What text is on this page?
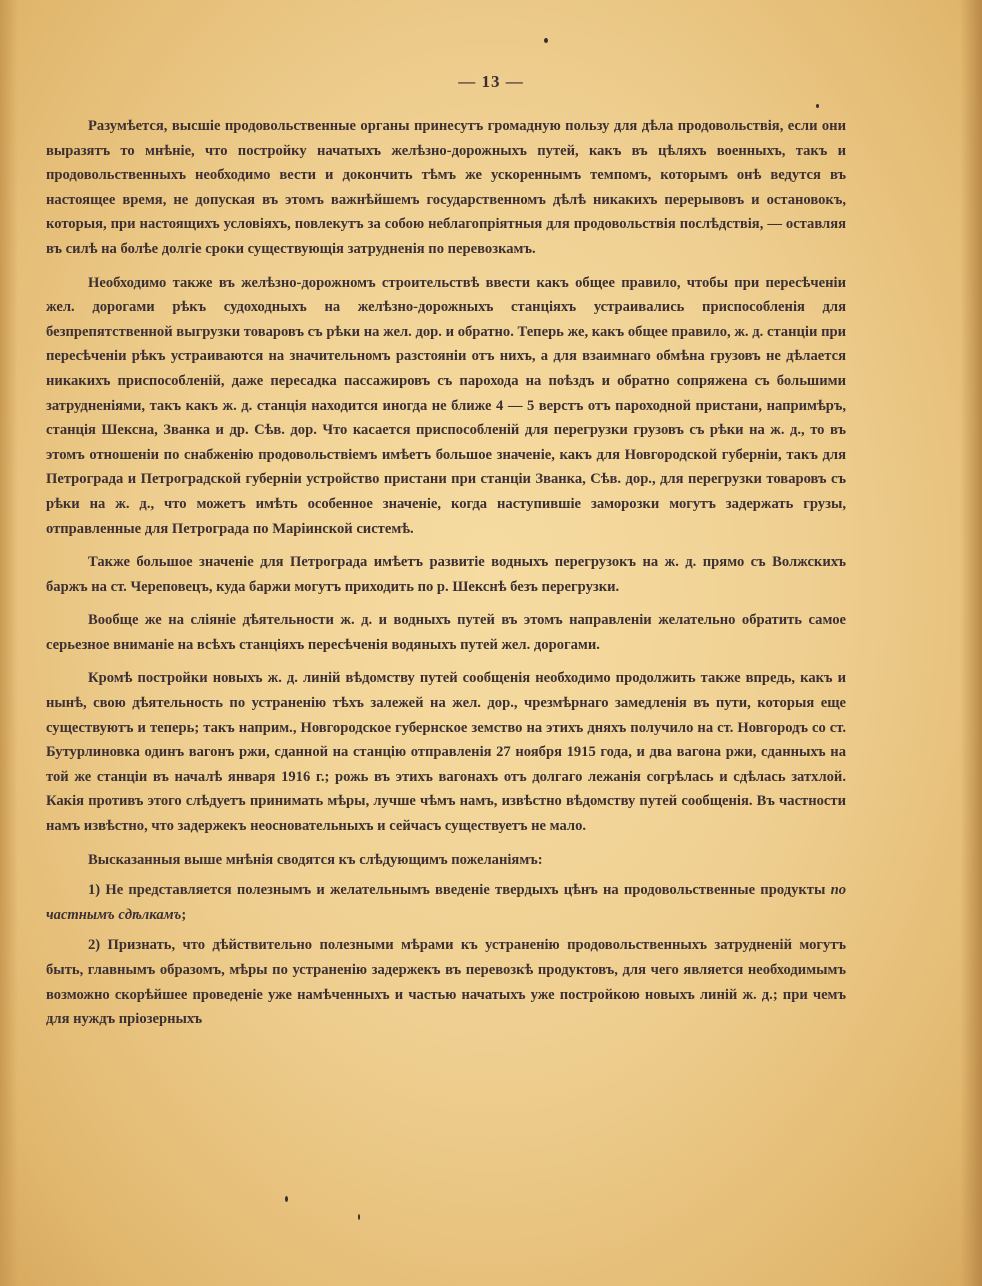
— 13 —

Разумѣется, высшіе продовольственные органы принесутъ громадную пользу для дѣла продовольствія, если они выразятъ то мнѣніе, что постройку начатыхъ желѣзно-дорожныхъ путей, какъ въ цѣляхъ военныхъ, такъ и продовольственныхъ необходимо вести и докончить тѣмъ же ускореннымъ темпомъ, которымъ онѣ ведутся въ настоящее время, не допуская въ этомъ важнѣйшемъ государственномъ дѣлѣ никакихъ перерывовъ и остановокъ, которыя, при настоящихъ условіяхъ, повлекутъ за собою неблагопріятныя для продовольствія послѣдствія, — оставляя въ силѣ на болѣе долгіе сроки существующія затрудненія по перевозкамъ.

Необходимо также въ желѣзно-дорожномъ строительствѣ ввести какъ общее правило, чтобы при пересѣченіи жел. дорогами рѣкъ судоходныхъ на желѣзно-дорожныхъ станціяхъ устраивались приспособленія для безпрепятственной выгрузки товаровъ съ рѣки на жел. дор. и обратно. Теперь же, какъ общее правило, ж. д. станціи при пересѣченіи рѣкъ устраиваются на значительномъ разстояніи отъ нихъ, а для взаимнаго обмѣна грузовъ не дѣлается никакихъ приспособленій, даже пересадка пассажировъ съ парохода на поѣздъ и обратно сопряжена съ большими затрудненіями, такъ какъ ж. д. станція находится иногда не ближе 4 — 5 верстъ отъ пароходной пристани, напримѣръ, станція Шексна, Званка и др. Сѣв. дор. Что касается приспособленій для перегрузки грузовъ съ рѣки на ж. д., то въ этомъ отношеніи по снабженію продовольствіемъ имѣетъ большое значеніе, какъ для Новгородской губерніи, такъ для Петрограда и Петроградской губерніи устройство пристани при станціи Званка, Сѣв. дор., для перегрузки товаровъ съ рѣки на ж. д., что можетъ имѣть особенное значеніе, когда наступившіе заморозки могутъ задержать грузы, отправленные для Петрограда по Маріинской системѣ.

Также большое значеніе для Петрограда имѣетъ развитіе водныхъ перегрузокъ на ж. д. прямо съ Волжскихъ баржъ на ст. Череповецъ, куда баржи могутъ приходить по р. Шекснѣ безъ перегрузки.

Вообще же на сліяніе дѣятельности ж. д. и водныхъ путей въ этомъ направленіи желательно обратить самое серьезное вниманіе на всѣхъ станціяхъ пересѣченія водяныхъ путей жел. дорогами.

Кромѣ постройки новыхъ ж. д. линій вѣдомству путей сообщенія необходимо продолжить также впредь, какъ и нынѣ, свою дѣятельность по устраненію тѣхъ залежей на жел. дор., чрезмѣрнаго замедленія въ пути, которыя еще существуютъ и теперь; такъ наприм., Новгородское губернское земство на этихъ дняхъ получило на ст. Новгородъ со ст. Бутурлиновка одинъ вагонъ ржи, сданной на станцію отправленія 27 ноября 1915 года, и два вагона ржи, сданныхъ на той же станціи въ началѣ января 1916 г.; рожь въ этихъ вагонахъ отъ долгаго лежанія согрѣлась и сдѣлась затхлой. Какія противъ этого слѣдуетъ принимать мѣры, лучше чѣмъ намъ, извѣстно вѣдомству путей сообщенія. Въ частности намъ извѣстно, что задержекъ неосновательныхъ и сейчасъ существуетъ не мало.

Высказанныя выше мнѣнія сводятся къ слѣдующимъ пожеланіямъ:

1) Не представляется полезнымъ и желательнымъ введеніе твердыхъ цѣнъ на продовольственные продукты по частнымъ сдѣлкамъ;

2) Признать, что дѣйствительно полезными мѣрами къ устраненію продовольственныхъ затрудненій могутъ быть, главнымъ образомъ, мѣры по устраненію задержекъ въ перевозкѣ продуктовъ, для чего является необходимымъ возможно скорѣйшее проведеніе уже намѣченныхъ и частью начатыхъ уже постройкою новыхъ линій ж. д.; при чемъ для нуждъ пріозерныхъ
